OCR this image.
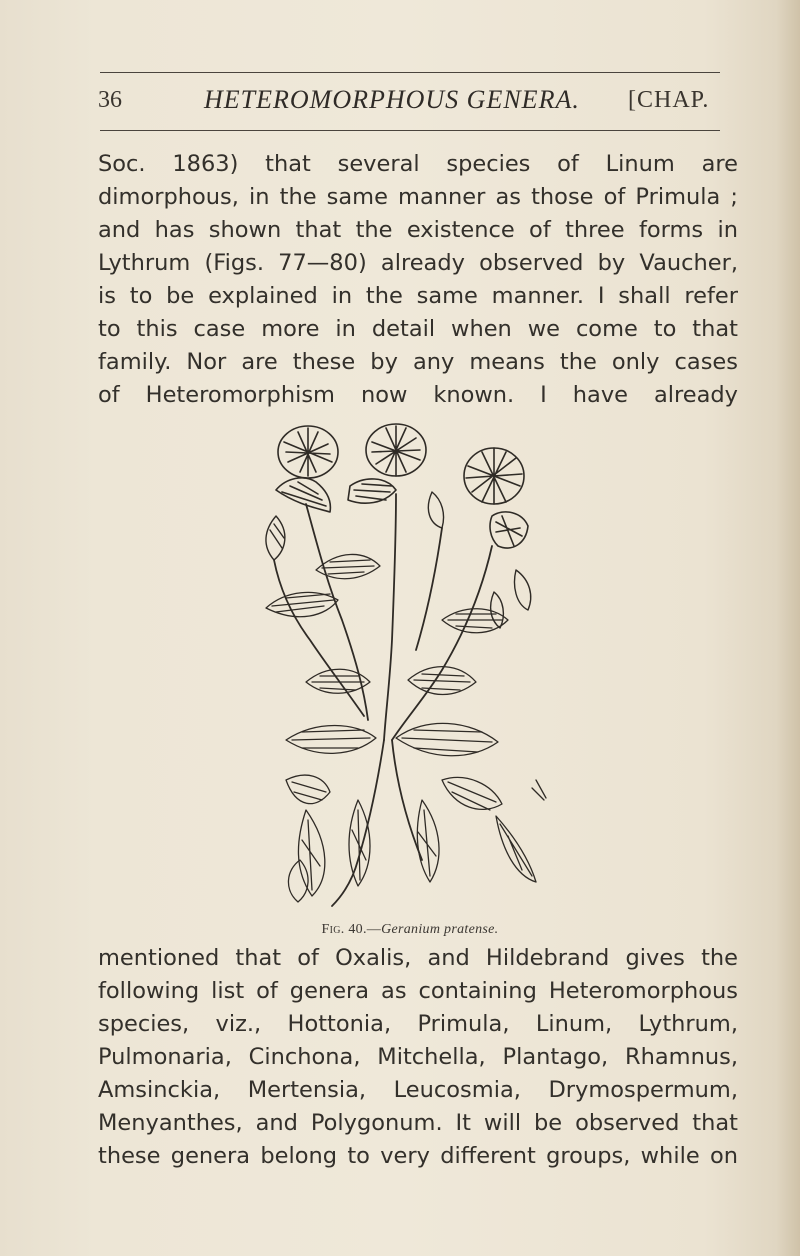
36	HETEROMORPHOUS GENERA. [CHAP.

Soc. 1863) that several species of Linum are
dimorphous, in the same manner as those of Primula ;
and has shown that the existence of three forms in
Lythrum (Figs. 77—80) already observed by Vaucher,
is to be explained in the same manner. I shall refer
to this case more in detail when we come to that
family. Nor are these by any means the only cases
of Heteromorphism now known. I have already

Fig. 40.—Geranium pratense.

mentioned that of Oxalis, and Hildebrand gives the
following list of genera as containing Heteromorphous
species, viz., Hottonia, Primula, Linum, Lythrum,
Pulmonaria, Cinchona, Mitchella, Plantago, Rhamnus,
Amsinckia, Mertensia, Leucosmia, Drymospermum,
Menyanthes, and Polygonum. It will be observed that
these genera belong to very different groups, while on
